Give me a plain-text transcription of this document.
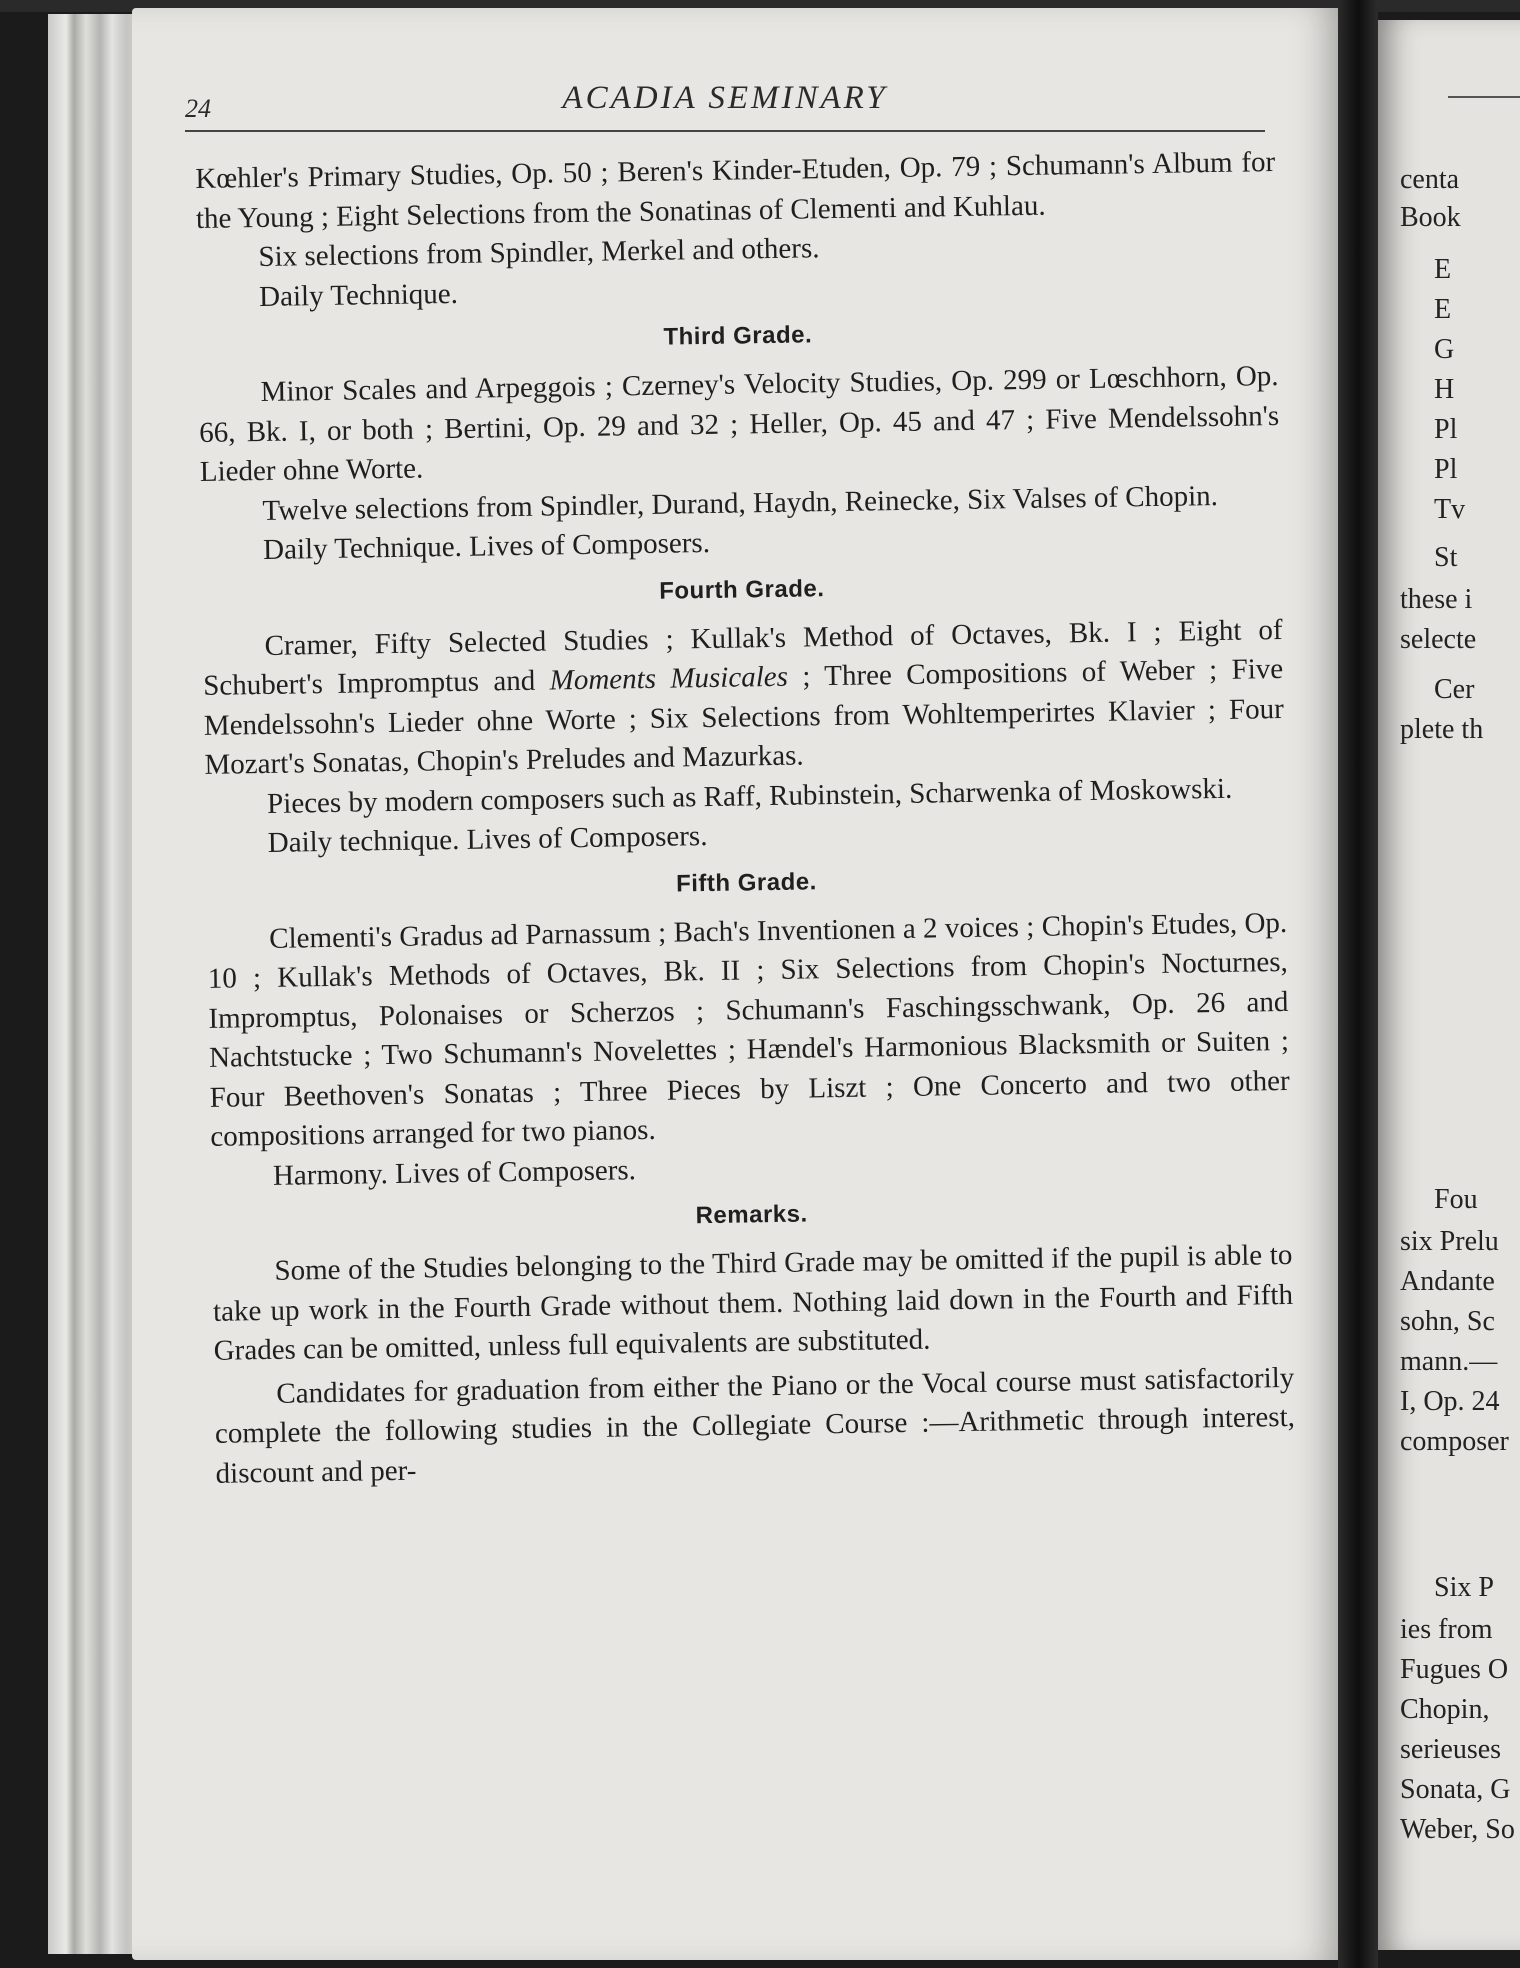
24	ACADIA SEMINARY

Kœhler's Primary Studies, Op. 50 ; Beren's Kinder-Etuden, Op. 79 ; Schumann's Album for the Young ; Eight Selections from the Sonatinas of Clementi and Kuhlau.

Six selections from Spindler, Merkel and others.

Daily Technique.

Third Grade.

Minor Scales and Arpeggois ; Czerney's Velocity Studies, Op. 299 or Lœschhorn, Op. 66, Bk. I, or both ; Bertini, Op. 29 and 32 ; Heller, Op. 45 and 47 ; Five Mendelssohn's Lieder ohne Worte.

Twelve selections from Spindler, Durand, Haydn, Reinecke, Six Valses of Chopin.

Daily Technique. Lives of Composers.

Fourth Grade.

Cramer, Fifty Selected Studies ; Kullak's Method of Octaves, Bk. I ; Eight of Schubert's Impromptus and Moments Musicales ; Three Compositions of Weber ; Five Mendelssohn's Lieder ohne Worte ; Six Selections from Wohltemperirtes Klavier ; Four Mozart's Sonatas, Chopin's Preludes and Mazurkas.

Pieces by modern composers such as Raff, Rubinstein, Scharwenka of Moskowski.

Daily technique. Lives of Composers.

Fifth Grade.

Clementi's Gradus ad Parnassum ; Bach's Inventionen a 2 voices ; Chopin's Etudes, Op. 10 ; Kullak's Methods of Octaves, Bk. II ; Six Selections from Chopin's Nocturnes, Impromptus, Polonaises or Scherzos ; Schumann's Faschingsschwank, Op. 26 and Nachtstucke ; Two Schumann's Novelettes ; Hændel's Harmonious Blacksmith or Suiten ; Four Beethoven's Sonatas ; Three Pieces by Liszt ; One Concerto and two other compositions arranged for two pianos.

Harmony. Lives of Composers.

Remarks.

Some of the Studies belonging to the Third Grade may be omitted if the pupil is able to take up work in the Fourth Grade without them. Nothing laid down in the Fourth and Fifth Grades can be omitted, unless full equivalents are substituted.

Candidates for graduation from either the Piano or the Vocal course must satisfactorily complete the following studies in the Collegiate Course :—Arithmetic through interest, discount and per-

centa
Book
E
E
G
H
Pl
Pl
Tv
St
these i
selecte
Cer
plete th
Fou
six Prelu
Andante
sohn, Sc
mann.—
I, Op. 24
composer
Six P
ies from
Fugues O
Chopin,
serieuses
Sonata, G
Weber, So
